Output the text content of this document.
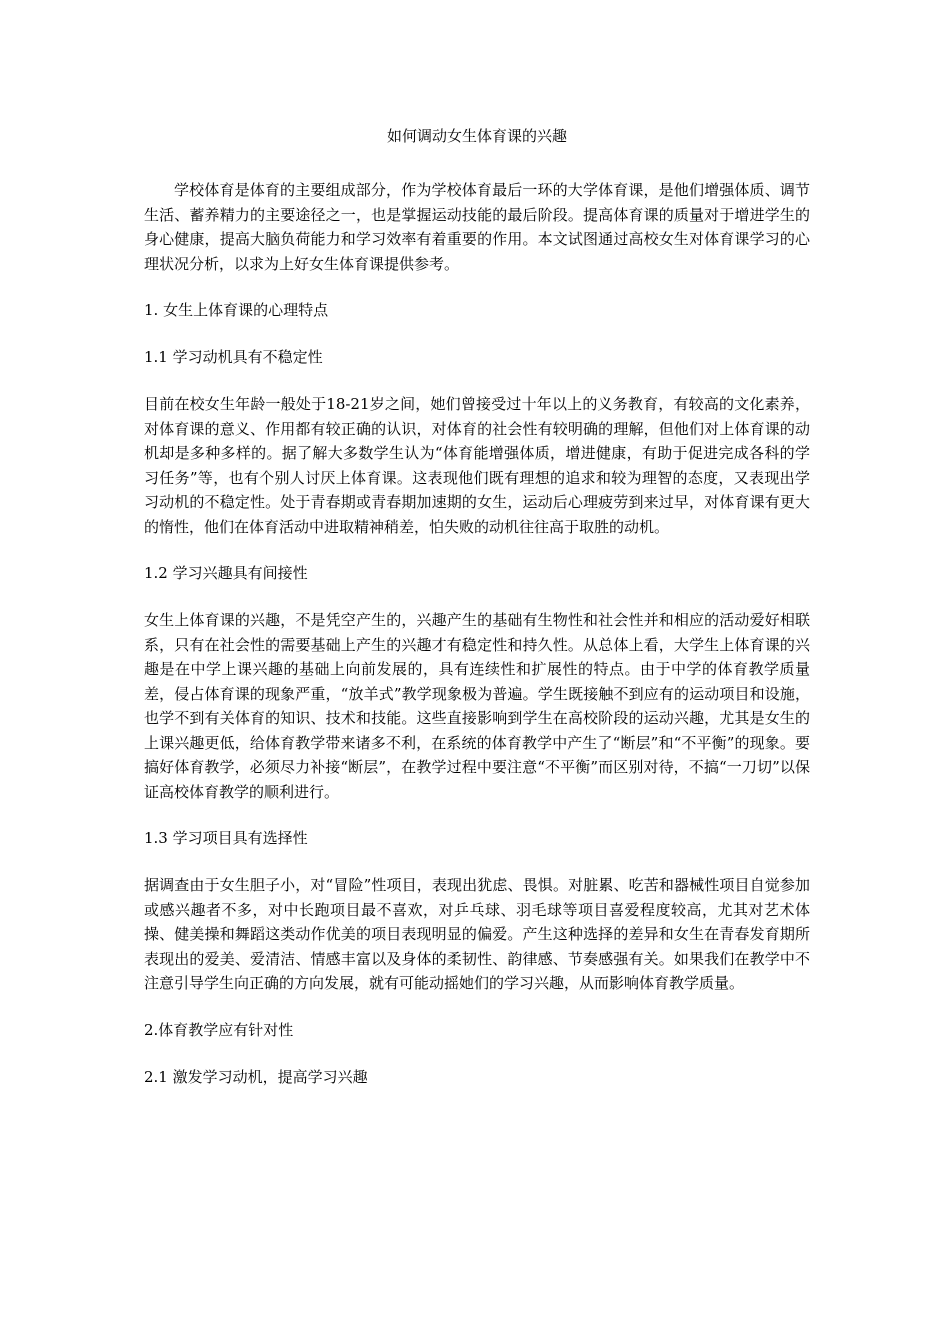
如何调动女生体育课的兴趣

学校体育是体育的主要组成部分，作为学校体育最后一环的大学体育课，是他们增强体质、调节生活、蓄养精力的主要途径之一，也是掌握运动技能的最后阶段。提高体育课的质量对于增进学生的身心健康，提高大脑负荷能力和学习效率有着重要的作用。本文试图通过高校女生对体育课学习的心理状况分析，以求为上好女生体育课提供参考。

1. 女生上体育课的心理特点
1.1 学习动机具有不稳定性

目前在校女生年龄一般处于18-21岁之间，她们曾接受过十年以上的义务教育，有较高的文化素养，对体育课的意义、作用都有较正确的认识，对体育的社会性有较明确的理解，但他们对上体育课的动机却是多种多样的。据了解大多数学生认为“体育能增强体质，增进健康，有助于促进完成各科的学习任务”等，也有个别人讨厌上体育课。这表现他们既有理想的追求和较为理智的态度，又表现出学习动机的不稳定性。处于青春期或青春期加速期的女生，运动后心理疲劳到来过早，对体育课有更大的惰性，他们在体育活动中进取精神稍差，怕失败的动机往往高于取胜的动机。

1.2 学习兴趣具有间接性

女生上体育课的兴趣，不是凭空产生的，兴趣产生的基础有生物性和社会性并和相应的活动爱好相联系，只有在社会性的需要基础上产生的兴趣才有稳定性和持久性。从总体上看，大学生上体育课的兴趣是在中学上课兴趣的基础上向前发展的，具有连续性和扩展性的特点。由于中学的体育教学质量差，侵占体育课的现象严重，“放羊式”教学现象极为普遍。学生既接触不到应有的运动项目和设施，也学不到有关体育的知识、技术和技能。这些直接影响到学生在高校阶段的运动兴趣，尤其是女生的上课兴趣更低，给体育教学带来诸多不利，在系统的体育教学中产生了“断层”和“不平衡”的现象。要搞好体育教学，必须尽力补接“断层”，在教学过程中要注意“不平衡”而区别对待，不搞“一刀切”以保证高校体育教学的顺利进行。

1.3 学习项目具有选择性

据调查由于女生胆子小，对“冒险”性项目，表现出犹虑、畏惧。对脏累、吃苦和器械性项目自觉参加或感兴趣者不多，对中长跑项目最不喜欢，对乒乓球、羽毛球等项目喜爱程度较高，尤其对艺术体操、健美操和舞蹈这类动作优美的项目表现明显的偏爱。产生这种选择的差异和女生在青春发育期所表现出的爱美、爱清洁、情感丰富以及身体的柔韧性、韵律感、节奏感强有关。如果我们在教学中不注意引导学生向正确的方向发展，就有可能动摇她们的学习兴趣，从而影响体育教学质量。

2.体育教学应有针对性
2.1 激发学习动机，提高学习兴趣
